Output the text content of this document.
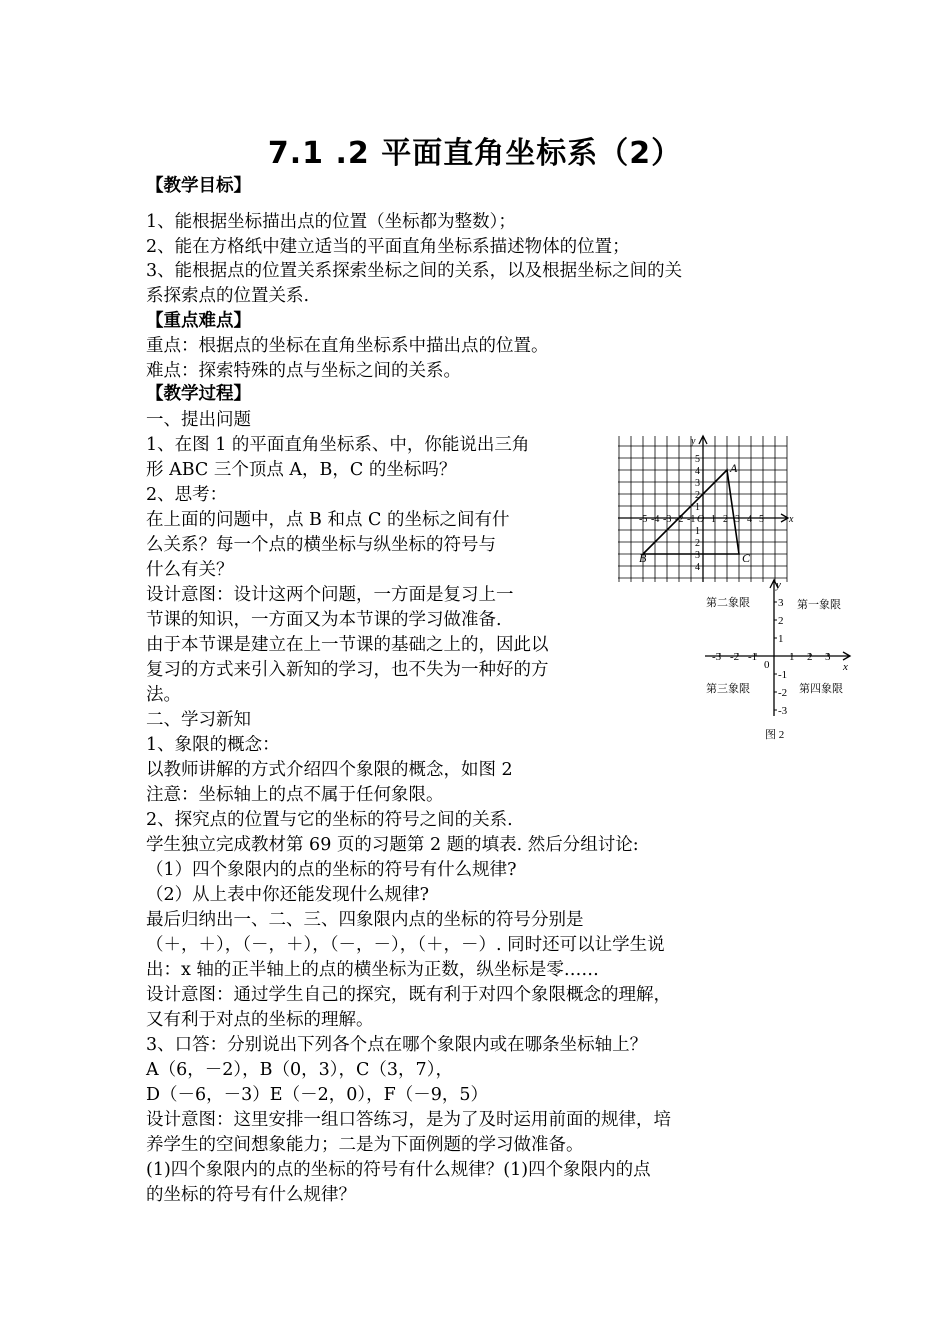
7.1 .2 平面直角坐标系（2）
【教学目标】
1、能根据坐标描出点的位置（坐标都为整数）；
2、能在方格纸中建立适当的平面直角坐标系描述物体的位置；
3、能根据点的位置关系探索坐标之间的关系，以及根据坐标之间的关
系探索点的位置关系.
【重点难点】
重点：根据点的坐标在直角坐标系中描出点的位置。
难点：探索特殊的点与坐标之间的关系。
【教学过程】
一、提出问题
1、在图 1 的平面直角坐标系、中，你能说出三角
形 ABC 三个顶点 A，B，C 的坐标吗？
2、思考：
在上面的问题中，点 B 和点 C 的坐标之间有什
么关系？每一个点的横坐标与纵坐标的符号与
什么有关？
设计意图：设计这两个问题，一方面是复习上一
节课的知识，一方面又为本节课的学习做准备.
由于本节课是建立在上一节课的基础之上的，因此以
复习的方式来引入新知的学习，也不失为一种好的方
法。
二、学习新知
1、象限的概念：
以教师讲解的方式介绍四个象限的概念，如图 2
注意：坐标轴上的点不属于任何象限。
2、探究点的位置与它的坐标的符号之间的关系.
学生独立完成教材第 69 页的习题第 2 题的填表. 然后分组讨论:
（1）四个象限内的点的坐标的符号有什么规律?
（2）从上表中你还能发现什么规律?
最后归纳出一、二、三、四象限内点的坐标的符号分别是
（＋，＋），（－，＋），（－，－），（＋，－）. 同时还可以让学生说
出：x 轴的正半轴上的点的横坐标为正数，纵坐标是零……
设计意图：通过学生自己的探究，既有利于对四个象限概念的理解，
又有利于对点的坐标的理解。
3、口答：分别说出下列各个点在哪个象限内或在哪条坐标轴上？
A（6，－2），B（0，3），C（3，7），
D（－6，－3）E（－2，0），F（－9，5）
设计意图：这里安排一组口答练习，是为了及时运用前面的规律，培
养学生的空间想象能力；二是为下面例题的学习做准备。
(1)四个象限内的点的坐标的符号有什么规律？(1)四个象限内的点
的坐标的符号有什么规律？
-5 -4 -3 -2 -1 1 2 3 4 5
1
2
3
4
5
1
2
3
4
O	x
y
A
B	C
-3 -2 -1	1 2 3
3
2
1
-1
-2
-3
y
x
0
第二象限	第一象限
第三象限	第四象限
图 2
